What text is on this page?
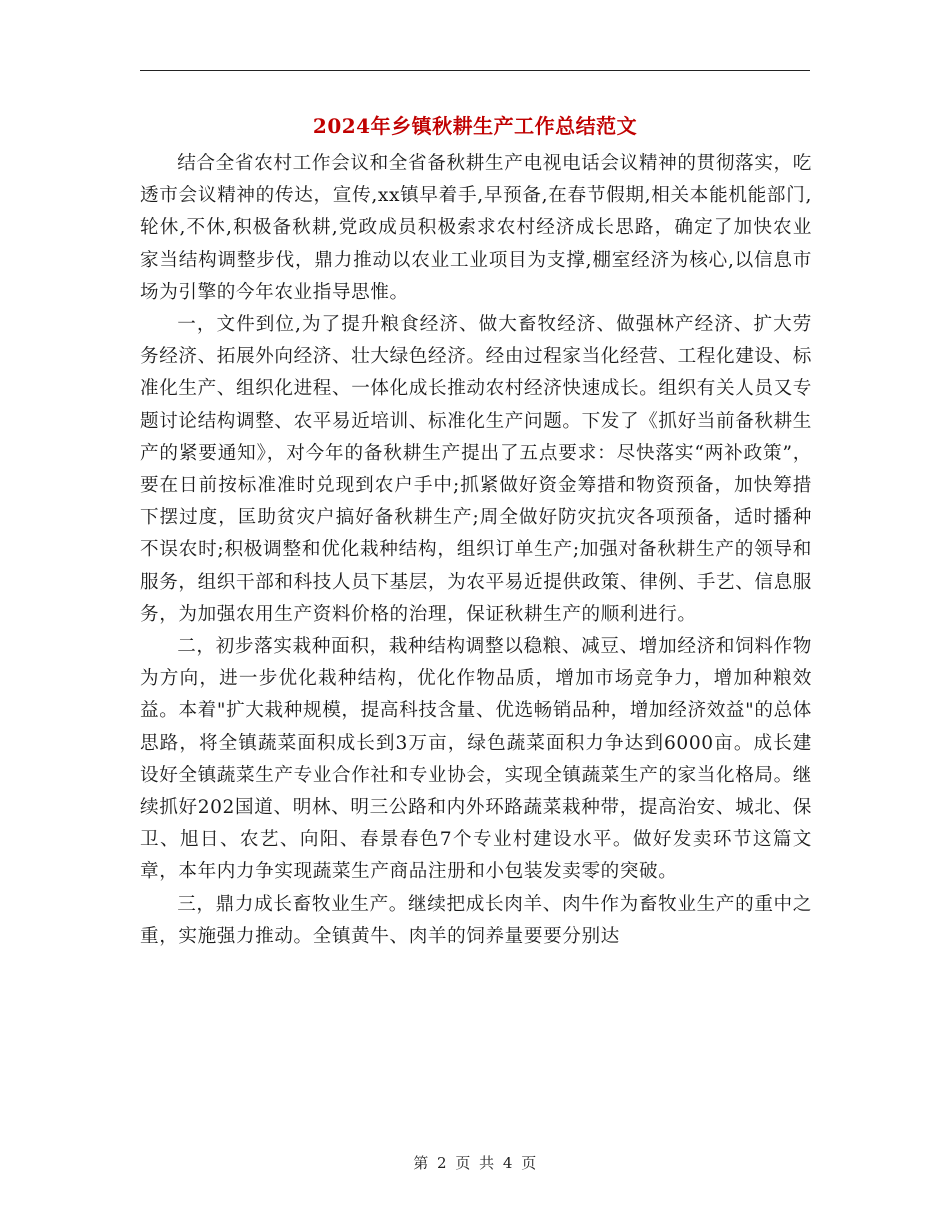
2024年乡镇秋耕生产工作总结范文

结合全省农村工作会议和全省备秋耕生产电视电话会议精神的贯彻落实，吃透市会议精神的传达，宣传,xx镇早着手,早预备,在春节假期,相关本能机能部门,轮休,不休,积极备秋耕,党政成员积极索求农村经济成长思路，确定了加快农业家当结构调整步伐，鼎力推动以农业工业项目为支撑,棚室经济为核心,以信息市场为引擎的今年农业指导思惟。

一，文件到位,为了提升粮食经济、做大畜牧经济、做强林产经济、扩大劳务经济、拓展外向经济、壮大绿色经济。经由过程家当化经营、工程化建设、标准化生产、组织化进程、一体化成长推动农村经济快速成长。组织有关人员又专题讨论结构调整、农平易近培训、标准化生产问题。下发了《抓好当前备秋耕生产的紧要通知》，对今年的备秋耕生产提出了五点要求：尽快落实“两补政策”，要在日前按标准准时兑现到农户手中;抓紧做好资金筹措和物资预备，加快筹措下摆过度，匡助贫灾户搞好备秋耕生产;周全做好防灾抗灾各项预备，适时播种不误农时;积极调整和优化栽种结构，组织订单生产;加强对备秋耕生产的领导和服务，组织干部和科技人员下基层，为农平易近提供政策、律例、手艺、信息服务，为加强农用生产资料价格的治理，保证秋耕生产的顺利进行。

二，初步落实栽种面积，栽种结构调整以稳粮、减豆、增加经济和饲料作物为方向，进一步优化栽种结构，优化作物品质，增加市场竞争力，增加种粮效益。本着"扩大栽种规模，提高科技含量、优选畅销品种，增加经济效益"的总体思路，将全镇蔬菜面积成长到3万亩，绿色蔬菜面积力争达到6000亩。成长建设好全镇蔬菜生产专业合作社和专业协会，实现全镇蔬菜生产的家当化格局。继续抓好202国道、明林、明三公路和内外环路蔬菜栽种带，提高治安、城北、保卫、旭日、农艺、向阳、春景春色7个专业村建设水平。做好发卖环节这篇文章，本年内力争实现蔬菜生产商品注册和小包装发卖零的突破。

三，鼎力成长畜牧业生产。继续把成长肉羊、肉牛作为畜牧业生产的重中之重，实施强力推动。全镇黄牛、肉羊的饲养量要要分别达

第 2 页 共 4 页
